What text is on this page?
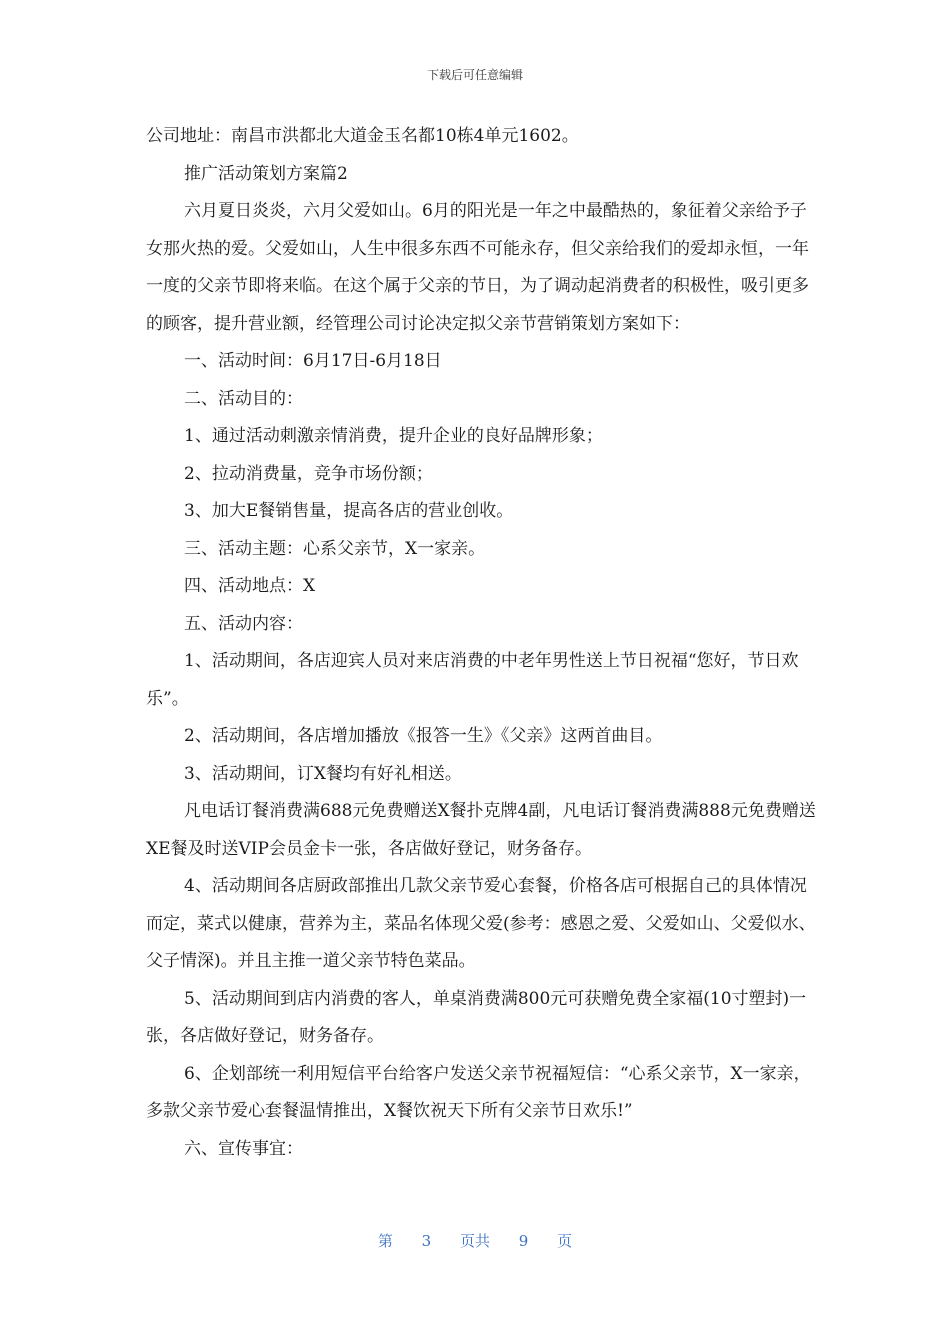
下载后可任意编辑

公司地址：南昌市洪都北大道金玉名都10栋4单元1602。

推广活动策划方案篇2

六月夏日炎炎，六月父爱如山。6月的阳光是一年之中最酷热的，象征着父亲给予子女那火热的爱。父爱如山，人生中很多东西不可能永存，但父亲给我们的爱却永恒，一年一度的父亲节即将来临。在这个属于父亲的节日，为了调动起消费者的积极性，吸引更多的顾客，提升营业额，经管理公司讨论决定拟父亲节营销策划方案如下：

一、活动时间：6月17日-6月18日

二、活动目的：

1、通过活动刺激亲情消费，提升企业的良好品牌形象；

2、拉动消费量，竞争市场份额；

3、加大E餐销售量，提高各店的营业创收。

三、活动主题：心系父亲节，X一家亲。

四、活动地点：X

五、活动内容：

1、活动期间，各店迎宾人员对来店消费的中老年男性送上节日祝福“您好，节日欢乐”。

2、活动期间，各店增加播放《报答一生》《父亲》这两首曲目。

3、活动期间，订X餐均有好礼相送。

凡电话订餐消费满688元免费赠送X餐扑克牌4副，凡电话订餐消费满888元免费赠送XE餐及时送VIP会员金卡一张，各店做好登记，财务备存。

4、活动期间各店厨政部推出几款父亲节爱心套餐，价格各店可根据自己的具体情况而定，菜式以健康，营养为主，菜品名体现父爱(参考：感恩之爱、父爱如山、父爱似水、父子情深)。并且主推一道父亲节特色菜品。

5、活动期间到店内消费的客人，单桌消费满800元可获赠免费全家福(10寸塑封)一张，各店做好登记，财务备存。

6、企划部统一利用短信平台给客户发送父亲节祝福短信：“心系父亲节，X一家亲，多款父亲节爱心套餐温情推出，X餐饮祝天下所有父亲节日欢乐!”

六、宣传事宜：

第 3 页共 9 页
